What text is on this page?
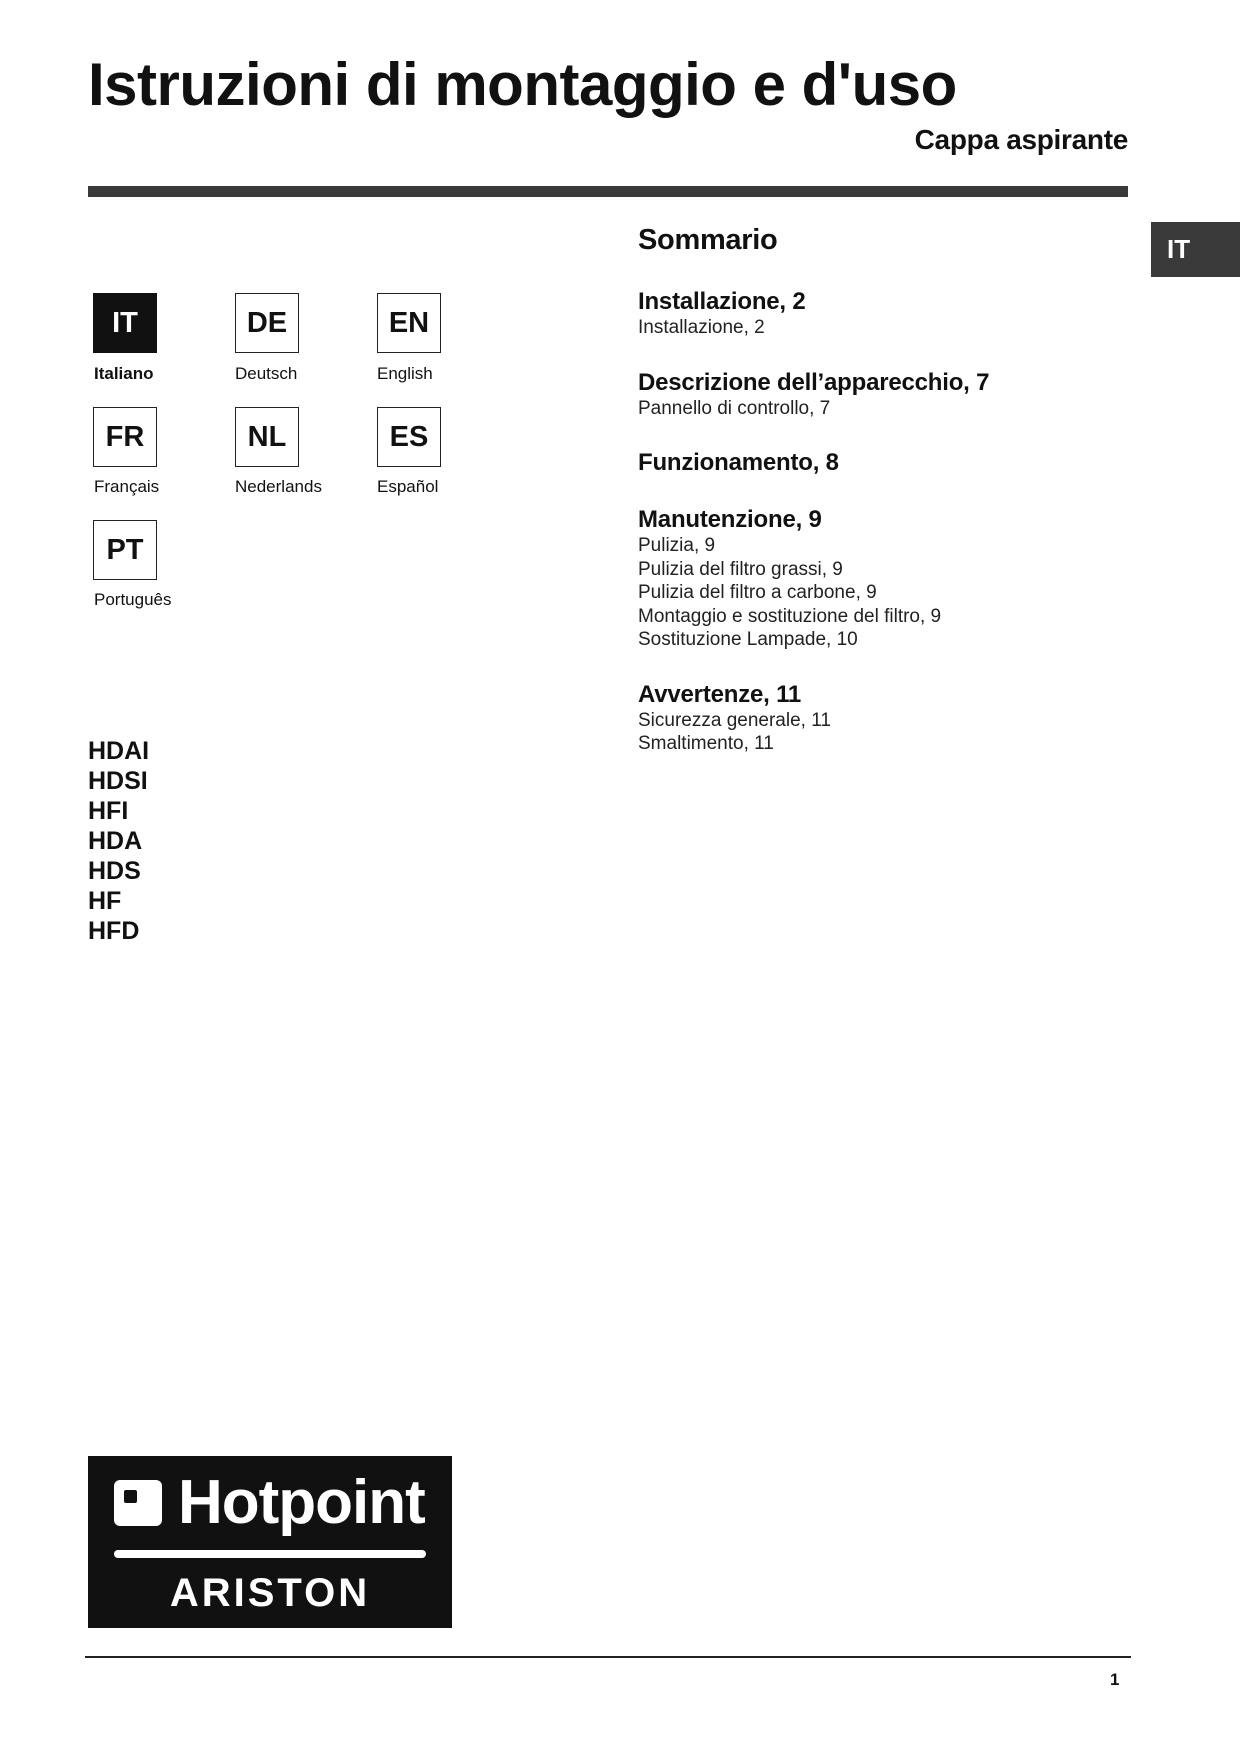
Istruzioni di montaggio e d'uso
Cappa aspirante
IT
IT
Italiano
DE
Deutsch
EN
English
FR
Français
NL
Nederlands
ES
Español
PT
Português
HDAI
HDSI
HFI
HDA
HDS
HF
HFD
Sommario
Installazione, 2
Installazione, 2
Descrizione dell’apparecchio, 7
Pannello di controllo, 7
Funzionamento, 8
Manutenzione, 9
Pulizia, 9
Pulizia del filtro grassi, 9
Pulizia del filtro a carbone, 9
Montaggio e sostituzione del filtro, 9
Sostituzione Lampade, 10
Avvertenze, 11
Sicurezza generale, 11
Smaltimento, 11
Hotpoint
ARISTON
1
